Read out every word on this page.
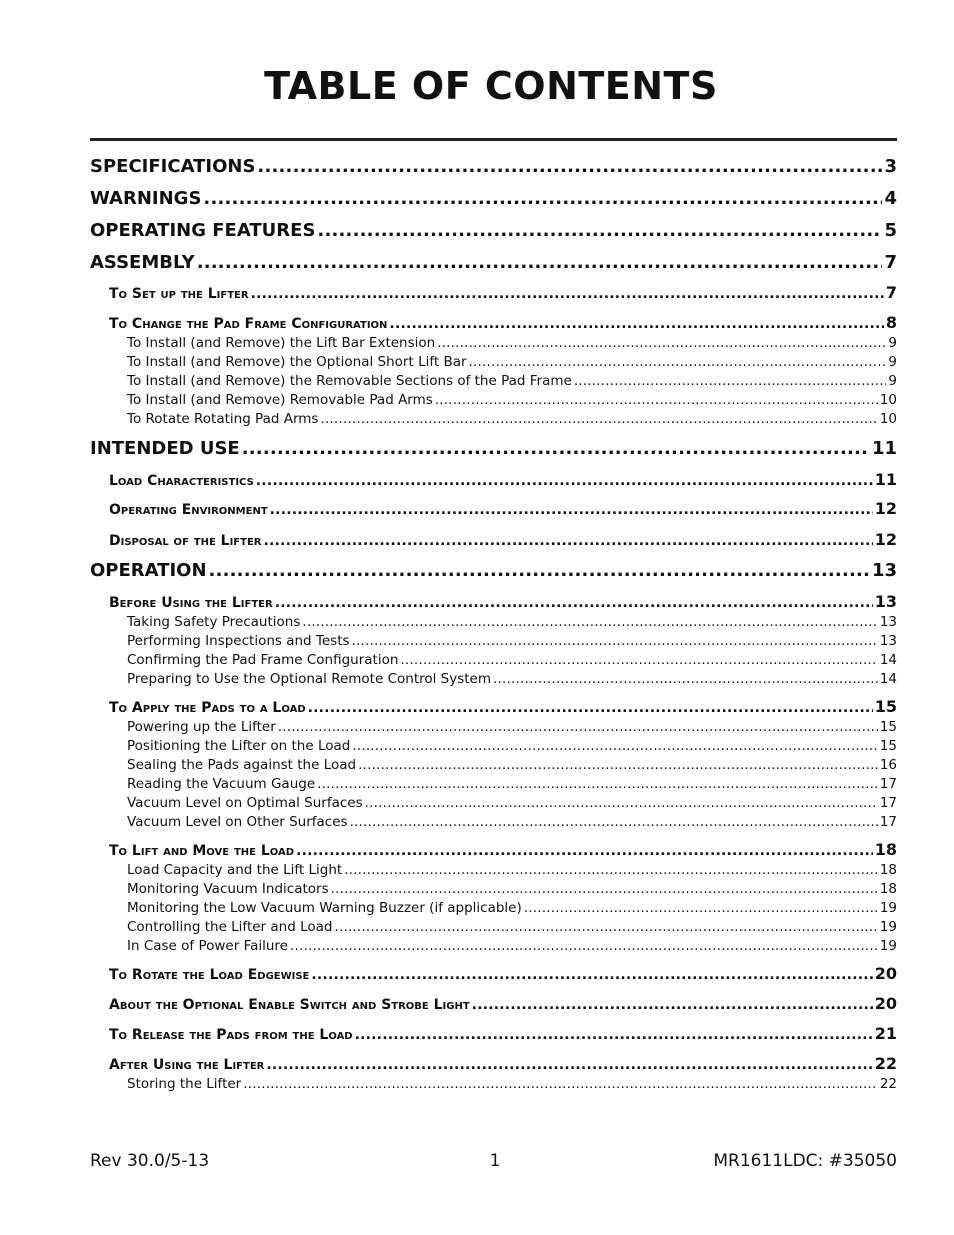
TABLE OF CONTENTS
SPECIFICATIONS .....	3
WARNINGS .....	4
OPERATING FEATURES .....	5
ASSEMBLY .....	7
To Set up the Lifter .....	7
To Change the Pad Frame Configuration .....	8
To Install (and Remove) the Lift Bar Extension .....	9
To Install (and Remove) the Optional Short Lift Bar .....	9
To Install (and Remove) the Removable Sections of the Pad Frame .....	9
To Install (and Remove) Removable Pad Arms .....	10
To Rotate Rotating Pad Arms .....	10
INTENDED USE .....	11
Load Characteristics .....	11
Operating Environment .....	12
Disposal of the Lifter .....	12
OPERATION .....	13
Before Using the Lifter .....	13
Taking Safety Precautions .....	13
Performing Inspections and Tests .....	13
Confirming the Pad Frame Configuration .....	14
Preparing to Use the Optional Remote Control System .....	14
To Apply the Pads to a Load .....	15
Powering up the Lifter .....	15
Positioning the Lifter on the Load .....	15
Sealing the Pads against the Load .....	16
Reading the Vacuum Gauge .....	17
Vacuum Level on Optimal Surfaces .....	17
Vacuum Level on Other Surfaces .....	17
To Lift and Move the Load .....	18
Load Capacity and the Lift Light .....	18
Monitoring Vacuum Indicators .....	18
Monitoring the Low Vacuum Warning Buzzer (if applicable) .....	19
Controlling the Lifter and Load .....	19
In Case of Power Failure .....	19
To Rotate the Load Edgewise .....	20
About the Optional Enable Switch and Strobe Light .....	20
To Release the Pads from the Load .....	21
After Using the Lifter .....	22
Storing the Lifter .....	22
Rev 30.0/5-13	1	MR1611LDC: #35050
